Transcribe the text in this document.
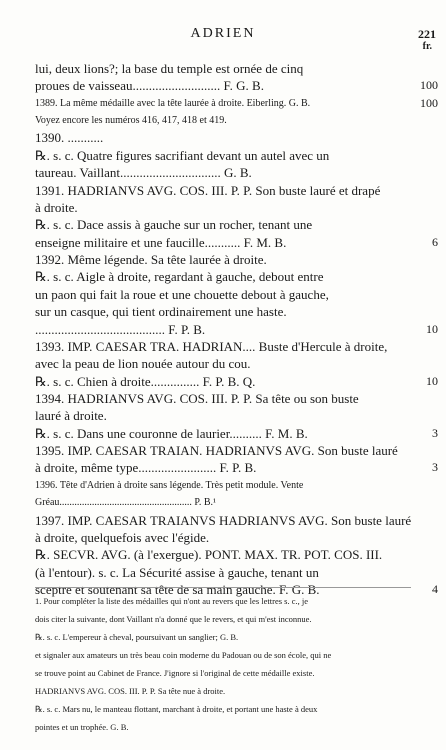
ADRIEN	221
fr.
lui, deux lions?; la base du temple est ornée de cinq
proues de vaisseau........................... F. G. B.	100
1389. La même médaille avec la tête laurée à droite. Eiberling. G. B.	100
Voyez encore les numéros 416, 417, 418 et 419.
1390. ...........
℞. s. c. Quatre figures sacrifiant devant un autel avec un
taureau. Vaillant............................... G. B.
1391. HADRIANVS AVG. COS. III. P. P. Son buste lauré et drapé
à droite.
℞. s. c. Dace assis à gauche sur un rocher, tenant une
enseigne militaire et une faucille........... F. M. B.	6
1392. Même légende. Sa tête laurée à droite.
℞. s. c. Aigle à droite, regardant à gauche, debout entre
un paon qui fait la roue et une chouette debout à gauche,
sur un casque, qui tient ordinairement une haste.
........................................ F. P. B.	10
1393. IMP. CAESAR TRA. HADRIAN.... Buste d'Hercule à droite,
avec la peau de lion nouée autour du cou.
℞. s. c. Chien à droite............... F. P. B. Q.	10
1394. HADRIANVS AVG. COS. III. P. P. Sa tête ou son buste
lauré à droite.
℞. s. c. Dans une couronne de laurier.......... F. M. B.	3
1395. IMP. CAESAR TRAIAN. HADRIANVS AVG. Son buste lauré
à droite, même type........................ F. P. B.	3
1396. Tête d'Adrien à droite sans légende. Très petit module. Vente
Gréau..................................................... P. B.¹
1397. IMP. CAESAR TRAIANVS HADRIANVS AVG. Son buste lauré
à droite, quelquefois avec l'égide.
℞. SECVR. AVG. (à l'exergue). PONT. MAX. TR. POT. COS. III.
(à l'entour). s. c. La Sécurité assise à gauche, tenant un
sceptre et soutenant sa tête de sa main gauche. F. G. B.	4
1. Pour compléter la liste des médailles qui n'ont au revers que les lettres s. c., je
dois citer la suivante, dont Vaillant n'a donné que le revers, et qui m'est inconnue.
℞. s. c. L'empereur à cheval, poursuivant un sanglier; G. B.
et signaler aux amateurs un très beau coin moderne du Padouan ou de son école, qui ne
se trouve point au Cabinet de France. J'ignore si l'original de cette médaille existe.
HADRIANVS AVG. COS. III. P. P. Sa tête nue à droite.
℞. s. c. Mars nu, le manteau flottant, marchant à droite, et portant une haste à deux
pointes et un trophée. G. B.
